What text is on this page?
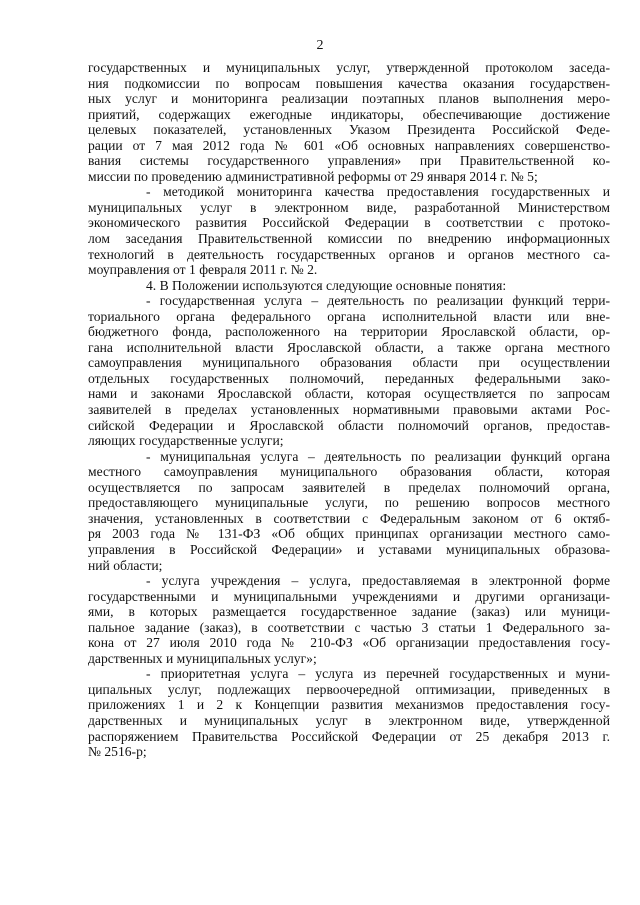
2
государственных и муниципальных услуг, утвержденной протоколом заседа-
ния подкомиссии по вопросам повышения качества оказания государствен-
ных услуг и мониторинга реализации поэтапных планов выполнения меро-
приятий, содержащих ежегодные индикаторы, обеспечивающие достижение
целевых показателей, установленных Указом Президента Российской Феде-
рации от 7 мая 2012 года № 601 «Об основных направлениях совершенство-
вания системы государственного управления» при Правительственной ко-
миссии по проведению административной реформы от 29 января 2014 г. № 5;
- методикой мониторинга качества предоставления государственных и
муниципальных услуг в электронном виде, разработанной Министерством
экономического развития Российской Федерации в соответствии с протоко-
лом заседания Правительственной комиссии по внедрению информационных
технологий в деятельность государственных органов и органов местного са-
моуправления от 1 февраля 2011 г. № 2.
4. В Положении используются следующие основные понятия:
- государственная услуга – деятельность по реализации функций терри-
ториального органа федерального органа исполнительной власти или вне-
бюджетного фонда, расположенного на территории Ярославской области, ор-
гана исполнительной власти Ярославской области, а также органа местного
самоуправления муниципального образования области при осуществлении
отдельных государственных полномочий, переданных федеральными зако-
нами и законами Ярославской области, которая осуществляется по запросам
заявителей в пределах установленных нормативными правовыми актами Рос-
сийской Федерации и Ярославской области полномочий органов, предостав-
ляющих государственные услуги;
- муниципальная услуга – деятельность по реализации функций органа
местного самоуправления муниципального образования области, которая
осуществляется по запросам заявителей в пределах полномочий органа,
предоставляющего муниципальные услуги, по решению вопросов местного
значения, установленных в соответствии с Федеральным законом от 6 октяб-
ря 2003 года № 131-ФЗ «Об общих принципах организации местного само-
управления в Российской Федерации» и уставами муниципальных образова-
ний области;
- услуга учреждения – услуга, предоставляемая в электронной форме
государственными и муниципальными учреждениями и другими организаци-
ями, в которых размещается государственное задание (заказ) или муници-
пальное задание (заказ), в соответствии с частью 3 статьи 1 Федерального за-
кона от 27 июля 2010 года № 210-ФЗ «Об организации предоставления госу-
дарственных и муниципальных услуг»;
- приоритетная услуга – услуга из перечней государственных и муни-
ципальных услуг, подлежащих первоочередной оптимизации, приведенных в
приложениях 1 и 2 к Концепции развития механизмов предоставления госу-
дарственных и муниципальных услуг в электронном виде, утвержденной
распоряжением Правительства Российской Федерации от 25 декабря 2013 г.
№ 2516-р;
